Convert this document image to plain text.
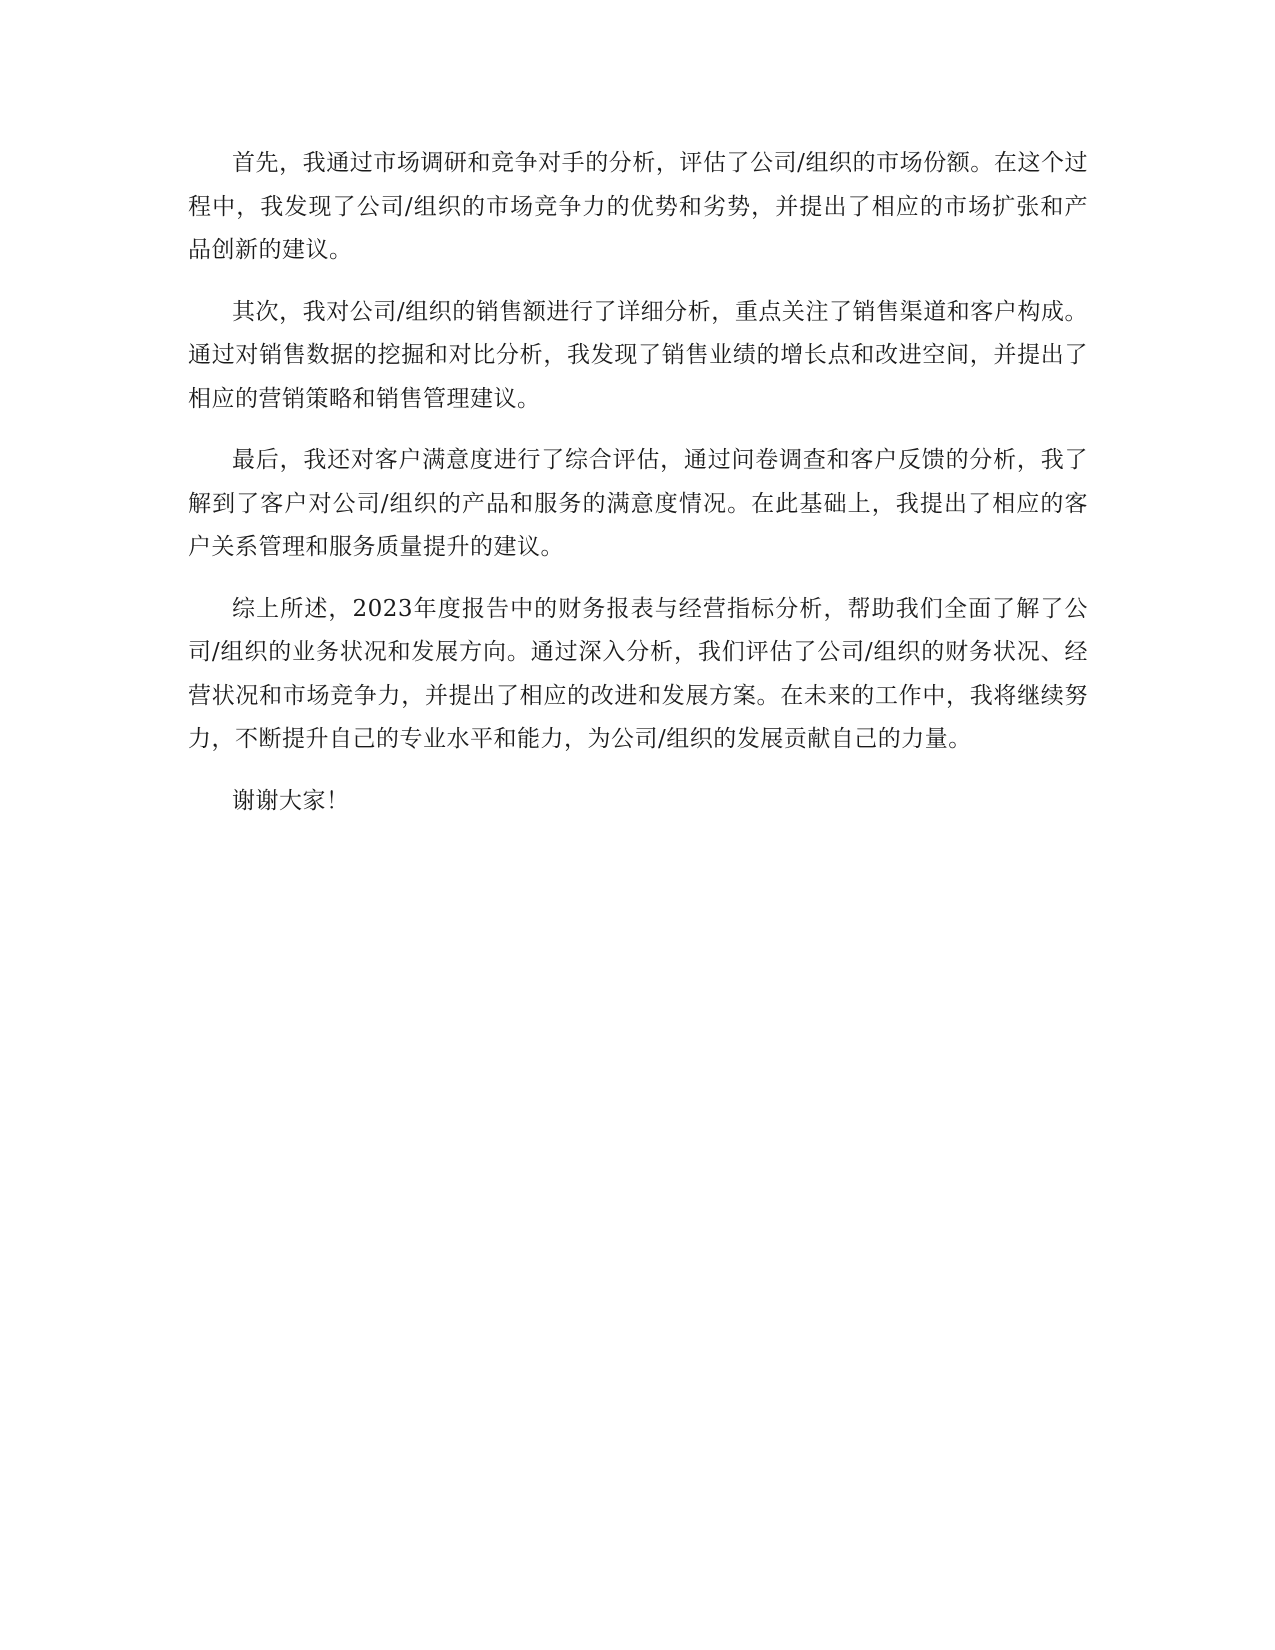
首先，我通过市场调研和竞争对手的分析，评估了公司/组织的市场份额。在这个过程中，我发现了公司/组织的市场竞争力的优势和劣势，并提出了相应的市场扩张和产品创新的建议。

其次，我对公司/组织的销售额进行了详细分析，重点关注了销售渠道和客户构成。通过对销售数据的挖掘和对比分析，我发现了销售业绩的增长点和改进空间，并提出了相应的营销策略和销售管理建议。

最后，我还对客户满意度进行了综合评估，通过问卷调查和客户反馈的分析，我了解到了客户对公司/组织的产品和服务的满意度情况。在此基础上，我提出了相应的客户关系管理和服务质量提升的建议。

综上所述，2023年度报告中的财务报表与经营指标分析，帮助我们全面了解了公司/组织的业务状况和发展方向。通过深入分析，我们评估了公司/组织的财务状况、经营状况和市场竞争力，并提出了相应的改进和发展方案。在未来的工作中，我将继续努力，不断提升自己的专业水平和能力，为公司/组织的发展贡献自己的力量。

谢谢大家！
